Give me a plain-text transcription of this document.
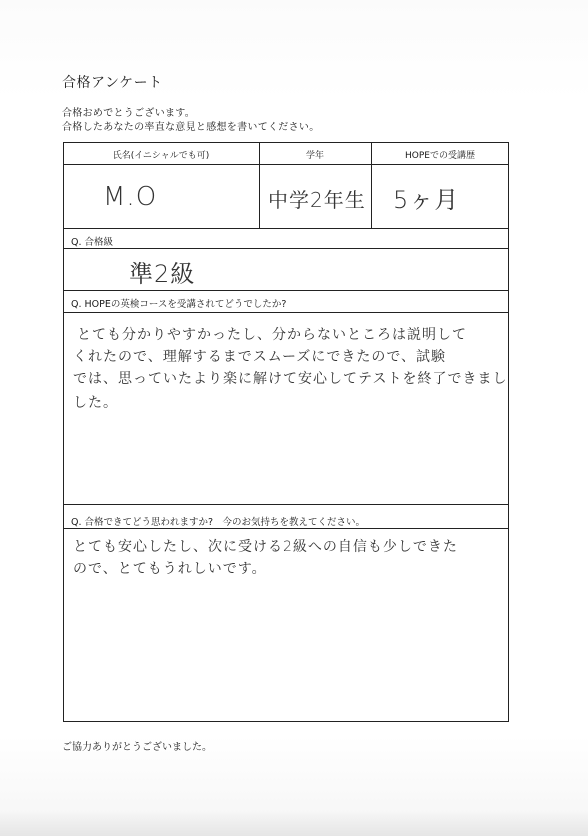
合格アンケート
合格おめでとうございます。
合格したあなたの率直な意見と感想を書いてください。
氏名(イニシャルでも可)	学年	HOPEでの受講歴
M.O	中学2年生 5ヶ月
Q. 合格級
準2級
Q. HOPEの英検コースを受講されてどうでしたか?
とても分かりやすかったし、分からないところは説明して
くれたので、理解するまでスムーズにできたので、試験
では、思っていたより楽に解けて安心してテストを終了できまし
した。
Q. 合格できてどう思われますか?　今のお気持ちを教えてください。
とても安心したし、次に受ける2級への自信も少しできた
ので、とてもうれしいです。
ご協力ありがとうございました。
